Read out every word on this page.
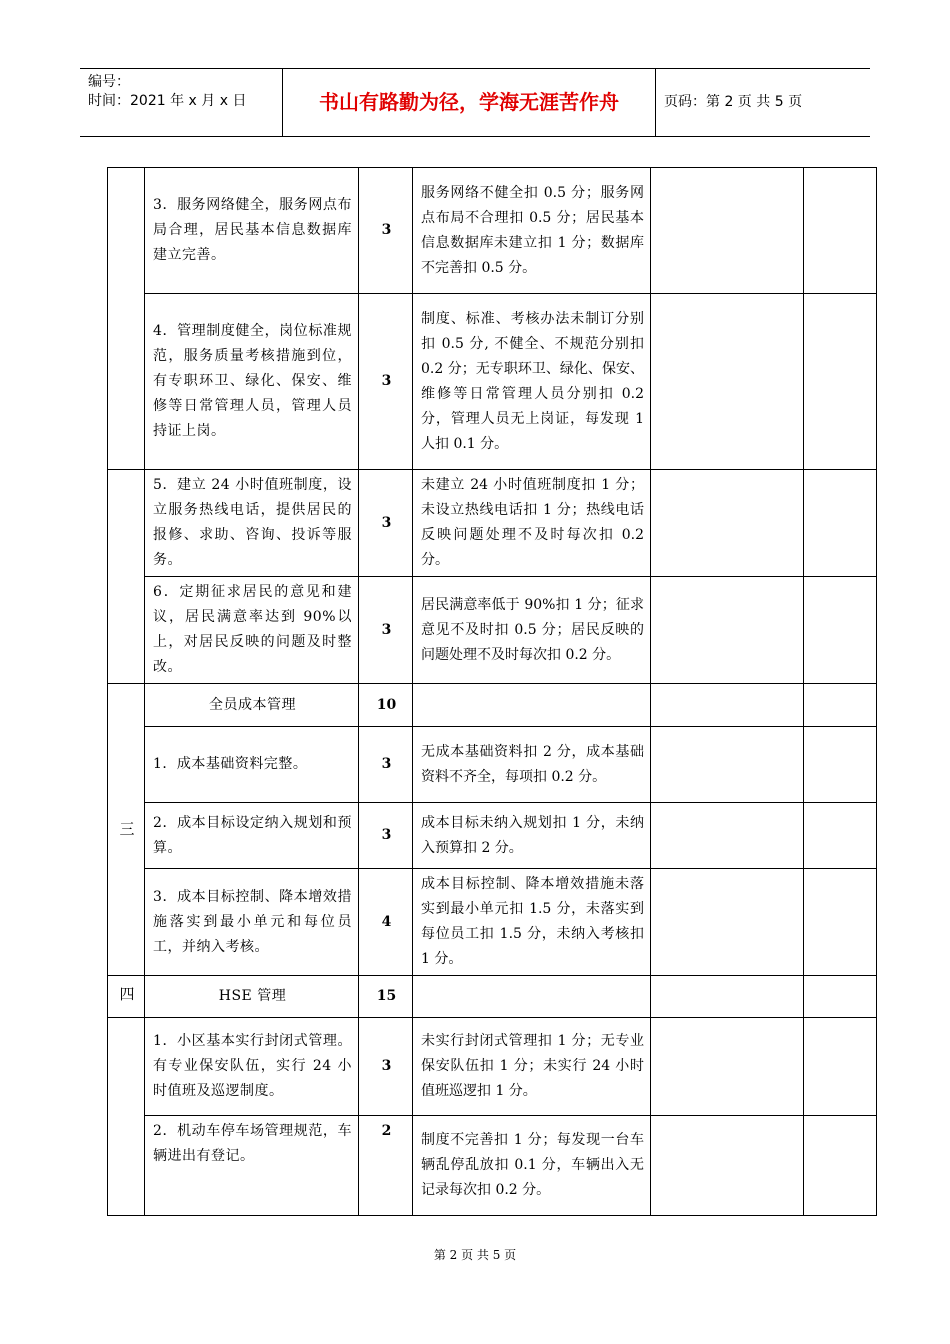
编号：
时间：2021 年 x 月 x 日	书山有路勤为径，学海无涯苦作舟	页码：第 2 页 共 5 页
	3．服务网络健全，服务网点布局合理，居民基本信息数据库建立完善。	3	服务网络不健全扣 0.5 分；服务网点布局不合理扣 0.5 分；居民基本信息数据库未建立扣 1 分；数据库不完善扣 0.5 分。		
	4．管理制度健全，岗位标准规范，服务质量考核措施到位，有专职环卫、绿化、保安、维修等日常管理人员，管理人员持证上岗。	3	制度、标准、考核办法未制订分别扣 0.5 分, 不健全、不规范分别扣 0.2 分；无专职环卫、绿化、保安、维修等日常管理人员分别扣 0.2 分，管理人员无上岗证，每发现 1 人扣 0.1 分。		
	5．建立 24 小时值班制度，设立服务热线电话，提供居民的报修、求助、咨询、投诉等服务。	3	未建立 24 小时值班制度扣 1 分；未设立热线电话扣 1 分；热线电话反映问题处理不及时每次扣 0.2 分。		
	6．定期征求居民的意见和建议，居民满意率达到 90%以上，对居民反映的问题及时整改。	3	居民满意率低于 90%扣 1 分；征求意见不及时扣 0.5 分；居民反映的问题处理不及时每次扣 0.2 分。		
三	全员成本管理	10			
	1．成本基础资料完整。	3	无成本基础资料扣 2 分，成本基础资料不齐全，每项扣 0.2 分。		
	2．成本目标设定纳入规划和预算。	3	成本目标未纳入规划扣 1 分，未纳入预算扣 2 分。		
	3．成本目标控制、降本增效措施落实到最小单元和每位员工，并纳入考核。	4	成本目标控制、降本增效措施未落实到最小单元扣 1.5 分，未落实到每位员工扣 1.5 分，未纳入考核扣 1 分。		
四	HSE 管理	15			
	1．小区基本实行封闭式管理。有专业保安队伍，实行 24 小时值班及巡逻制度。	3	未实行封闭式管理扣 1 分；无专业保安队伍扣 1 分；未实行 24 小时值班巡逻扣 1 分。		
	2．机动车停车场管理规范，车辆进出有登记。	2	制度不完善扣 1 分；每发现一台车辆乱停乱放扣 0.1 分，车辆出入无记录每次扣 0.2 分。		
第 2 页 共 5 页
